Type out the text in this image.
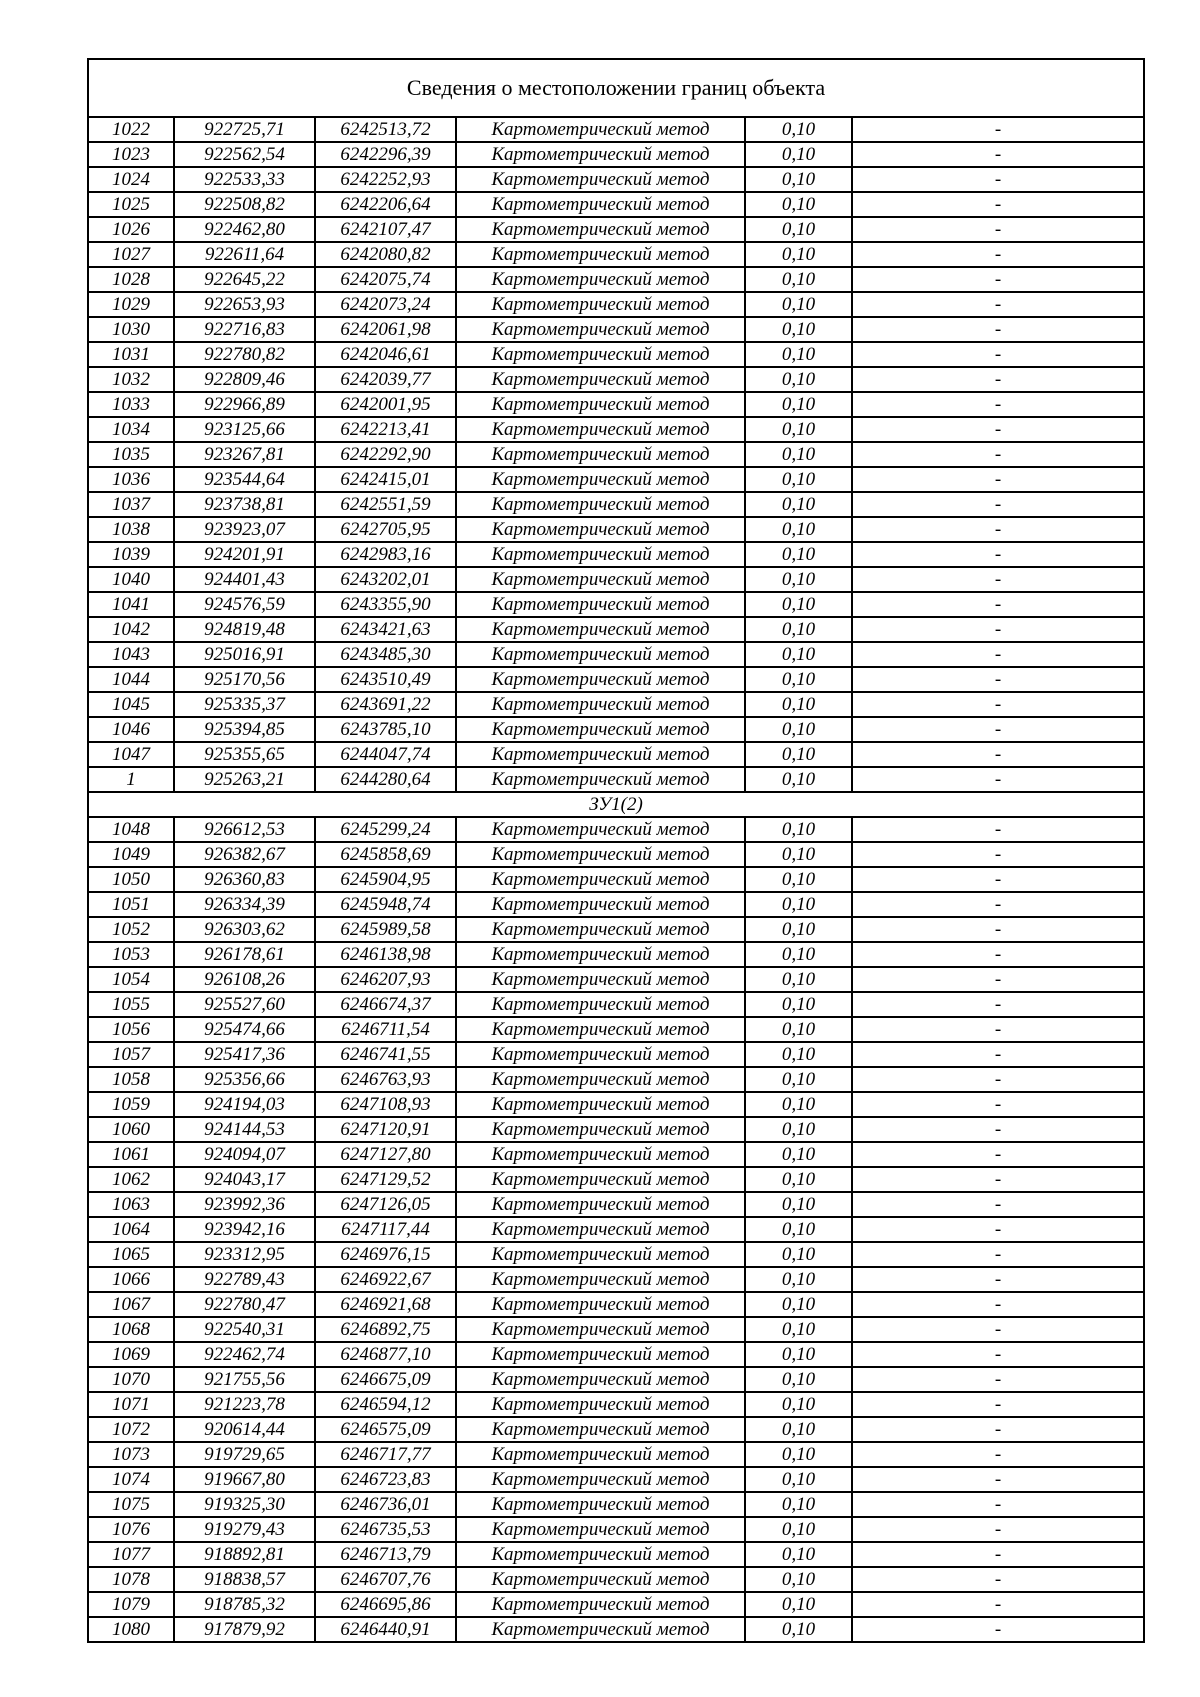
Сведения о местоположении границ объекта					
1022	922725,71	6242513,72	Картометрический метод	0,10	-
1023	922562,54	6242296,39	Картометрический метод	0,10	-
1024	922533,33	6242252,93	Картометрический метод	0,10	-
1025	922508,82	6242206,64	Картометрический метод	0,10	-
1026	922462,80	6242107,47	Картометрический метод	0,10	-
1027	922611,64	6242080,82	Картометрический метод	0,10	-
1028	922645,22	6242075,74	Картометрический метод	0,10	-
1029	922653,93	6242073,24	Картометрический метод	0,10	-
1030	922716,83	6242061,98	Картометрический метод	0,10	-
1031	922780,82	6242046,61	Картометрический метод	0,10	-
1032	922809,46	6242039,77	Картометрический метод	0,10	-
1033	922966,89	6242001,95	Картометрический метод	0,10	-
1034	923125,66	6242213,41	Картометрический метод	0,10	-
1035	923267,81	6242292,90	Картометрический метод	0,10	-
1036	923544,64	6242415,01	Картометрический метод	0,10	-
1037	923738,81	6242551,59	Картометрический метод	0,10	-
1038	923923,07	6242705,95	Картометрический метод	0,10	-
1039	924201,91	6242983,16	Картометрический метод	0,10	-
1040	924401,43	6243202,01	Картометрический метод	0,10	-
1041	924576,59	6243355,90	Картометрический метод	0,10	-
1042	924819,48	6243421,63	Картометрический метод	0,10	-
1043	925016,91	6243485,30	Картометрический метод	0,10	-
1044	925170,56	6243510,49	Картометрический метод	0,10	-
1045	925335,37	6243691,22	Картометрический метод	0,10	-
1046	925394,85	6243785,10	Картометрический метод	0,10	-
1047	925355,65	6244047,74	Картометрический метод	0,10	-
1	925263,21	6244280,64	Картометрический метод	0,10	-
ЗУ1(2)					
1048	926612,53	6245299,24	Картометрический метод	0,10	-
1049	926382,67	6245858,69	Картометрический метод	0,10	-
1050	926360,83	6245904,95	Картометрический метод	0,10	-
1051	926334,39	6245948,74	Картометрический метод	0,10	-
1052	926303,62	6245989,58	Картометрический метод	0,10	-
1053	926178,61	6246138,98	Картометрический метод	0,10	-
1054	926108,26	6246207,93	Картометрический метод	0,10	-
1055	925527,60	6246674,37	Картометрический метод	0,10	-
1056	925474,66	6246711,54	Картометрический метод	0,10	-
1057	925417,36	6246741,55	Картометрический метод	0,10	-
1058	925356,66	6246763,93	Картометрический метод	0,10	-
1059	924194,03	6247108,93	Картометрический метод	0,10	-
1060	924144,53	6247120,91	Картометрический метод	0,10	-
1061	924094,07	6247127,80	Картометрический метод	0,10	-
1062	924043,17	6247129,52	Картометрический метод	0,10	-
1063	923992,36	6247126,05	Картометрический метод	0,10	-
1064	923942,16	6247117,44	Картометрический метод	0,10	-
1065	923312,95	6246976,15	Картометрический метод	0,10	-
1066	922789,43	6246922,67	Картометрический метод	0,10	-
1067	922780,47	6246921,68	Картометрический метод	0,10	-
1068	922540,31	6246892,75	Картометрический метод	0,10	-
1069	922462,74	6246877,10	Картометрический метод	0,10	-
1070	921755,56	6246675,09	Картометрический метод	0,10	-
1071	921223,78	6246594,12	Картометрический метод	0,10	-
1072	920614,44	6246575,09	Картометрический метод	0,10	-
1073	919729,65	6246717,77	Картометрический метод	0,10	-
1074	919667,80	6246723,83	Картометрический метод	0,10	-
1075	919325,30	6246736,01	Картометрический метод	0,10	-
1076	919279,43	6246735,53	Картометрический метод	0,10	-
1077	918892,81	6246713,79	Картометрический метод	0,10	-
1078	918838,57	6246707,76	Картометрический метод	0,10	-
1079	918785,32	6246695,86	Картометрический метод	0,10	-
1080	917879,92	6246440,91	Картометрический метод	0,10	-
